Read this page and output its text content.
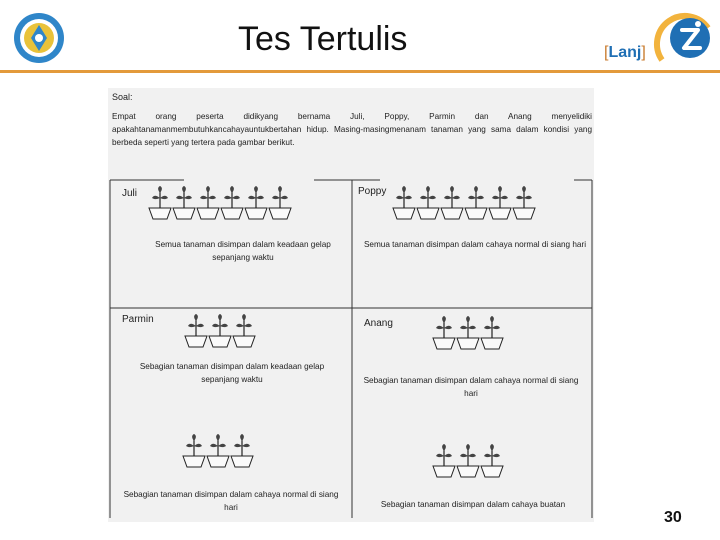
Tes Tertulis	[Lanj]
Soal:
Empat orang peserta didikyang bernama Juli, Poppy, Parmin dan Anang menyelidiki apakahtanamanmembutuhkancahayauntukbertahan hidup. Masing-masingmenanam tanaman yang sama dalam kondisi yang berbeda seperti yang tertera pada gambar berikut.
Juli
Semua tanaman disimpan dalam keadaan gelap sepanjang waktu
Poppy
Semua tanaman disimpan dalam cahaya normal di siang hari
Parmin
Sebagian tanaman disimpan dalam keadaan gelap sepanjang waktu
Sebagian tanaman disimpan dalam cahaya normal di siang hari
Anang
Sebagian tanaman disimpan dalam cahaya normal di siang hari
Sebagian tanaman disimpan dalam cahaya buatan
30
